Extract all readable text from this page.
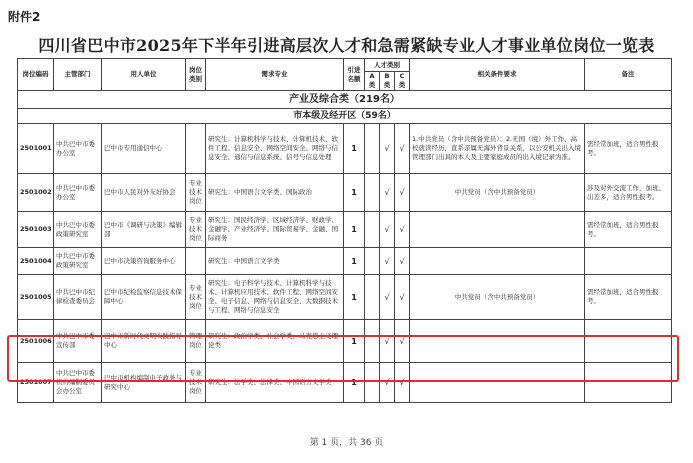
附件2
四川省巴中市2025年下半年引进高层次人才和急需紧缺专业人才事业单位岗位一览表
岗位编码	主管部门	用人单位	岗位类别	需求专业	引进名额	人才类别			相关条件要求	备注
						A类	B类	C类		
产业及综合类（219名）										
市本级及经开区（59名）										
2501001	中共巴中市委办公室	巴中市专用通信中心		研究生：计算机科学与技术、计算机技术、软件工程、信息安全、网络空间安全、网络与信息安全、通信与信息系统、信号与信息处理	1		√	√	1.中共党员（含中共预备党员）；2.无国（境）外工作、高校就读经历，直系亲属无海外背景关系，以公安机关出入境管理部门出具的本人及主要家庭成员的出入境记录为准。	需经常加班，适合男性报考。
2501002	中共巴中市委办公室	巴中市人民对外友好协会	专业技术岗位	研究生：中国语言文学类、国际政治	1		√	√	中共党员（含中共预备党员）	涉及对外交流工作，加班、出差多，适合男性报考。
2501003	中共巴中市委政策研究室	巴中市《调研与决策》编辑部	专业技术岗位	研究生：国民经济学、区域经济学、财政学、金融学、产业经济学、国际贸易学、金融、国际商务	1		√	√		需经常加班，适合男性报考。
2501004	中共巴中市委政策研究室	巴中市决策咨询服务中心		研究生：中国语言文学类	1		√	√		
2501005	中共巴中市纪律检查委员会	巴中市纪检监察信息技术保障中心	专业技术岗位	研究生：电子科学与技术、计算机科学与技术、计算机应用技术、软件工程、网络空间安全、电子信息、网络与信息安全、大数据技术与工程、网络与信息安全	1		√	√	中共党员（含中共预备党员）	需经常加班，适合男性报考。
2501006	中共巴中市委宣传部	巴中市新时代文明实践指导中心	管理岗位	研究生：政治学类、社会学类、马克思主义理论类	1		√	√		
2501007	中共巴中市委机构编制委员会办公室	巴中市机构编制电子政务与研究中心	专业技术岗位	研究生：法学类、法律类、中国语言文学类	1		√	√		
第 1 页，共 36 页
